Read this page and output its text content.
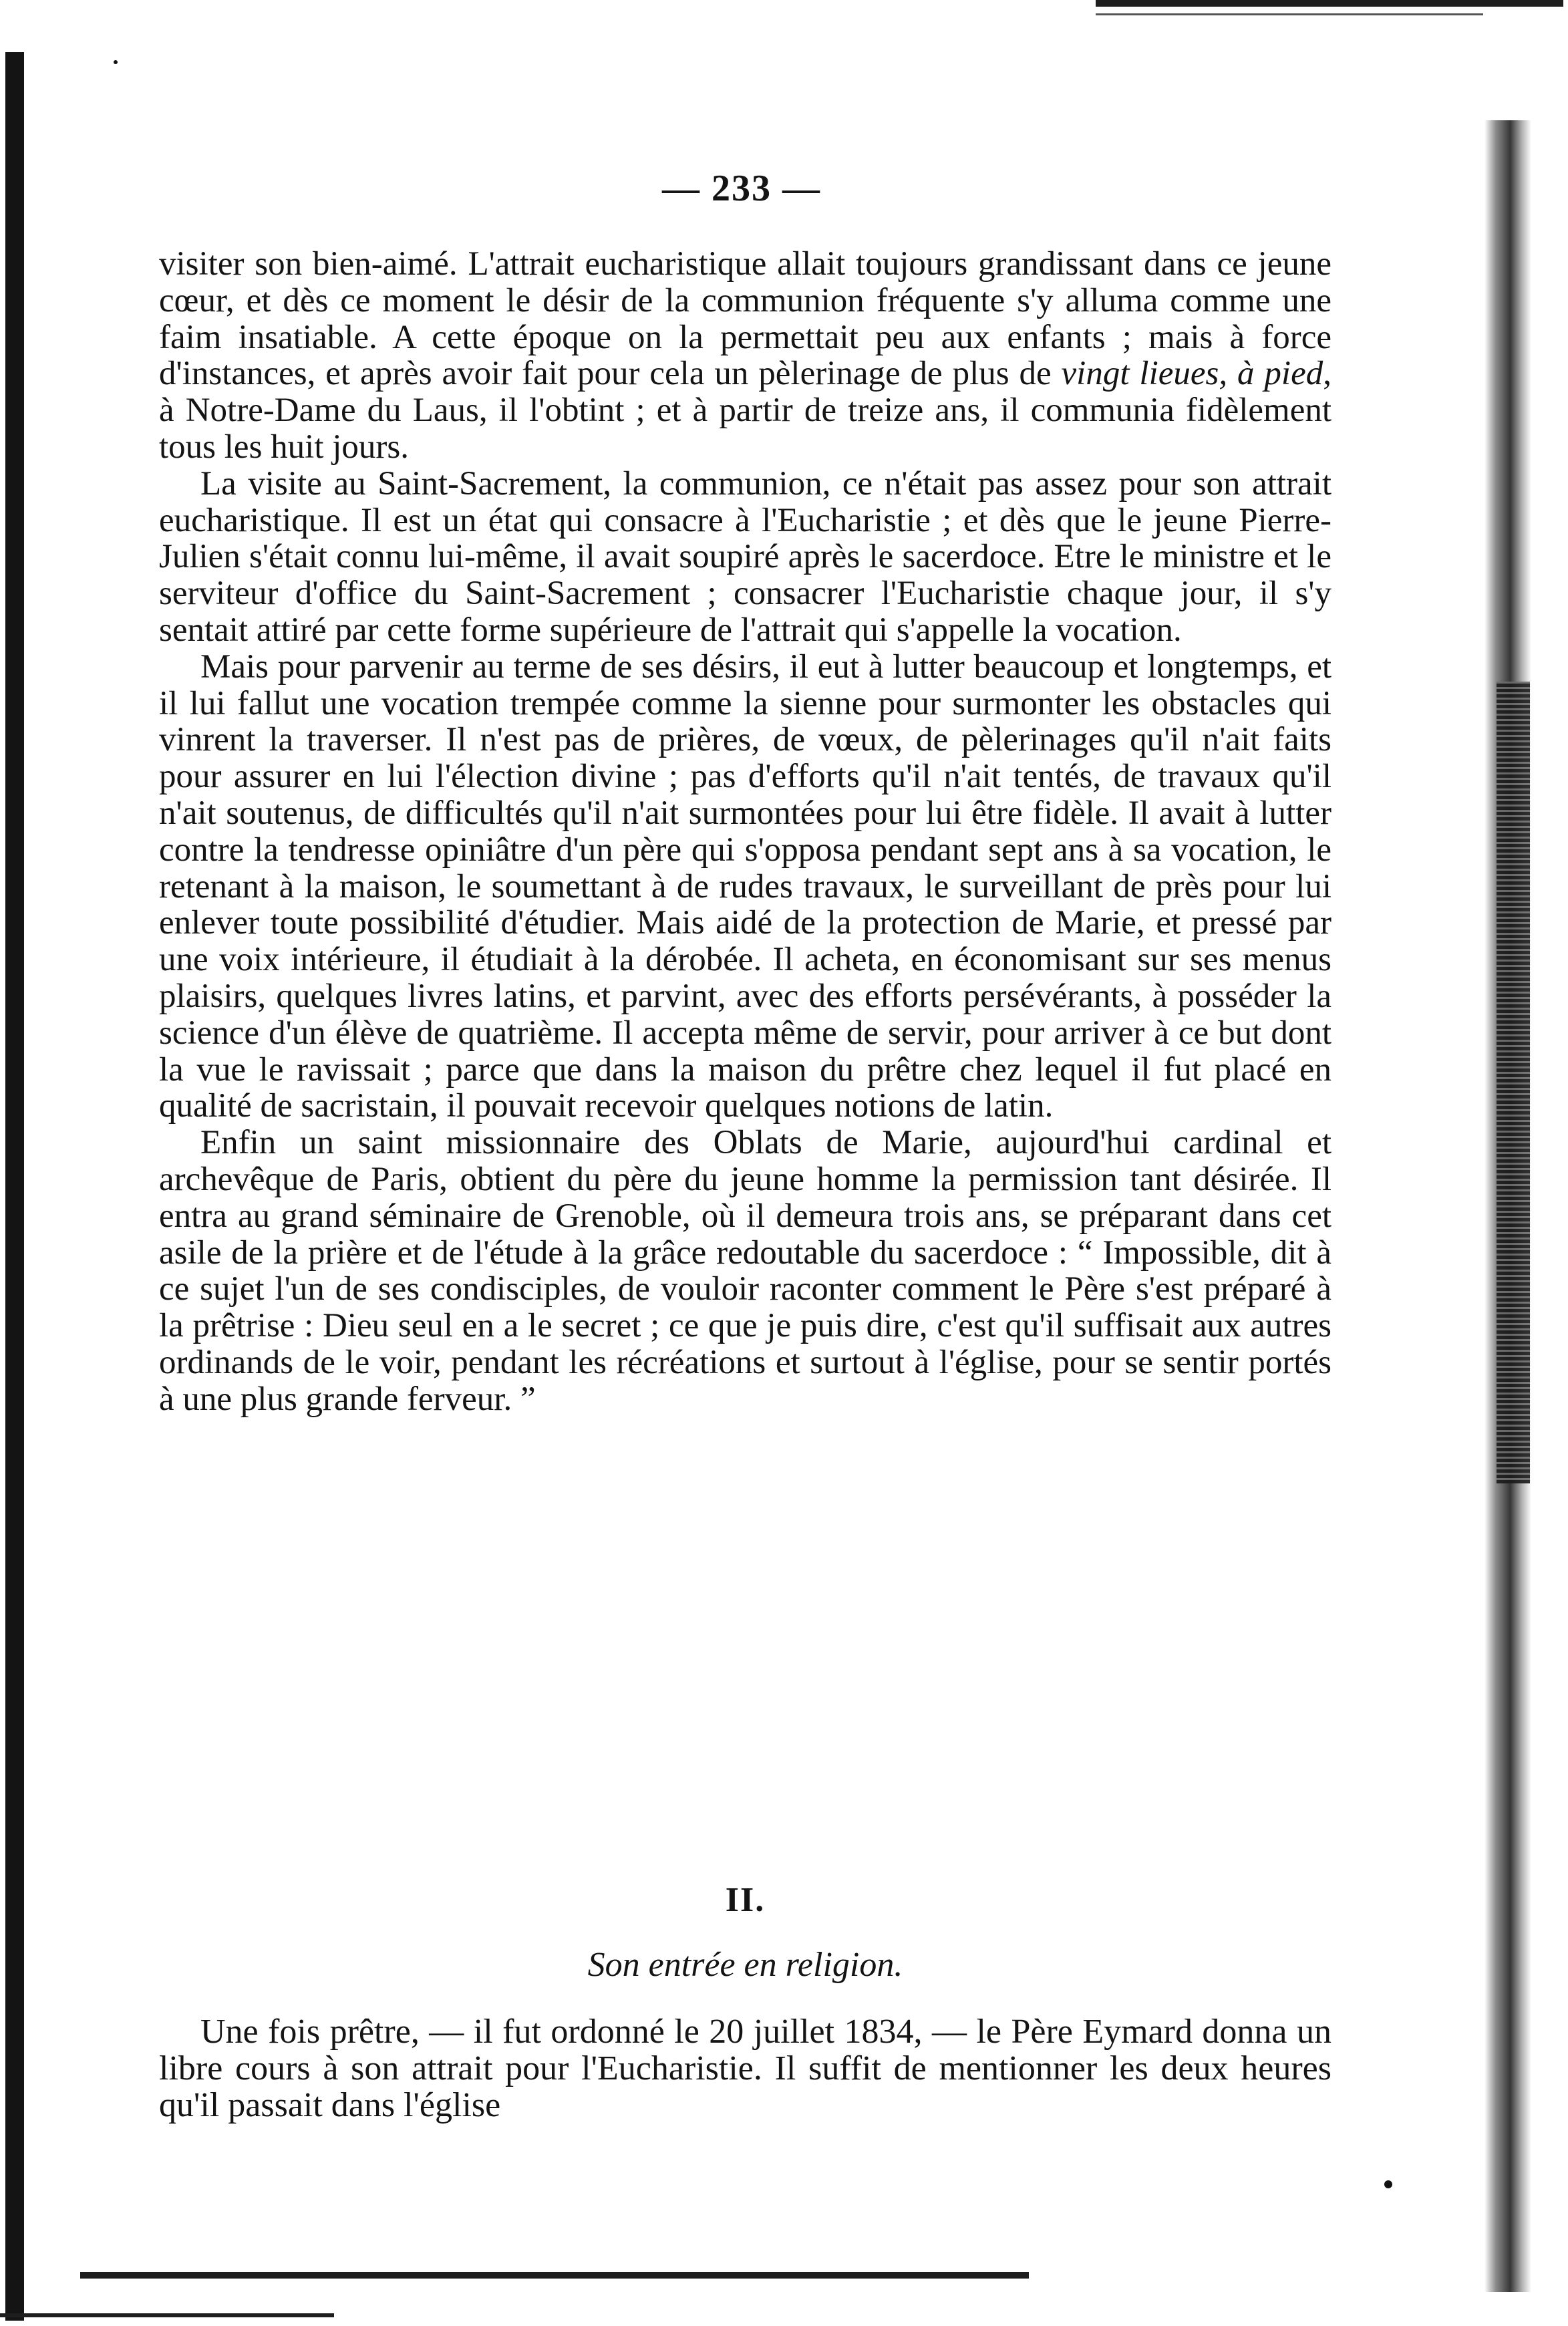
— 233 —

visiter son bien-aimé. L'attrait eucharistique allait toujours grandissant dans ce jeune cœur, et dès ce moment le désir de la communion fréquente s'y alluma comme une faim insatiable. A cette époque on la permettait peu aux enfants ; mais à force d'instances, et après avoir fait pour cela un pèlerinage de plus de vingt lieues, à pied, à Notre-Dame du Laus, il l'obtint ; et à partir de treize ans, il communia fidèlement tous les huit jours.

La visite au Saint-Sacrement, la communion, ce n'était pas assez pour son attrait eucharistique. Il est un état qui consacre à l'Eucharistie ; et dès que le jeune Pierre-Julien s'était connu lui-même, il avait soupiré après le sacerdoce. Etre le ministre et le serviteur d'office du Saint-Sacrement ; consacrer l'Eucharistie chaque jour, il s'y sentait attiré par cette forme supérieure de l'attrait qui s'appelle la vocation.

Mais pour parvenir au terme de ses désirs, il eut à lutter beaucoup et longtemps, et il lui fallut une vocation trempée comme la sienne pour surmonter les obstacles qui vinrent la traverser. Il n'est pas de prières, de vœux, de pèlerinages qu'il n'ait faits pour assurer en lui l'élection divine ; pas d'efforts qu'il n'ait tentés, de travaux qu'il n'ait soutenus, de difficultés qu'il n'ait surmontées pour lui être fidèle. Il avait à lutter contre la tendresse opiniâtre d'un père qui s'opposa pendant sept ans à sa vocation, le retenant à la maison, le soumettant à de rudes travaux, le surveillant de près pour lui enlever toute possibilité d'étudier. Mais aidé de la protection de Marie, et pressé par une voix intérieure, il étudiait à la dérobée. Il acheta, en économisant sur ses menus plaisirs, quelques livres latins, et parvint, avec des efforts persévérants, à posséder la science d'un élève de quatrième. Il accepta même de servir, pour arriver à ce but dont la vue le ravissait ; parce que dans la maison du prêtre chez lequel il fut placé en qualité de sacristain, il pouvait recevoir quelques notions de latin.

Enfin un saint missionnaire des Oblats de Marie, aujourd'hui cardinal et archevêque de Paris, obtient du père du jeune homme la permission tant désirée. Il entra au grand séminaire de Grenoble, où il demeura trois ans, se préparant dans cet asile de la prière et de l'étude à la grâce redoutable du sacerdoce : “ Impossible, dit à ce sujet l'un de ses condisciples, de vouloir raconter comment le Père s'est préparé à la prêtrise : Dieu seul en a le secret ; ce que je puis dire, c'est qu'il suffisait aux autres ordinands de le voir, pendant les récréations et surtout à l'église, pour se sentir portés à une plus grande ferveur. ”

II.
Son entrée en religion.

Une fois prêtre, — il fut ordonné le 20 juillet 1834, — le Père Eymard donna un libre cours à son attrait pour l'Eucharistie. Il suffit de mentionner les deux heures qu'il passait dans l'église
